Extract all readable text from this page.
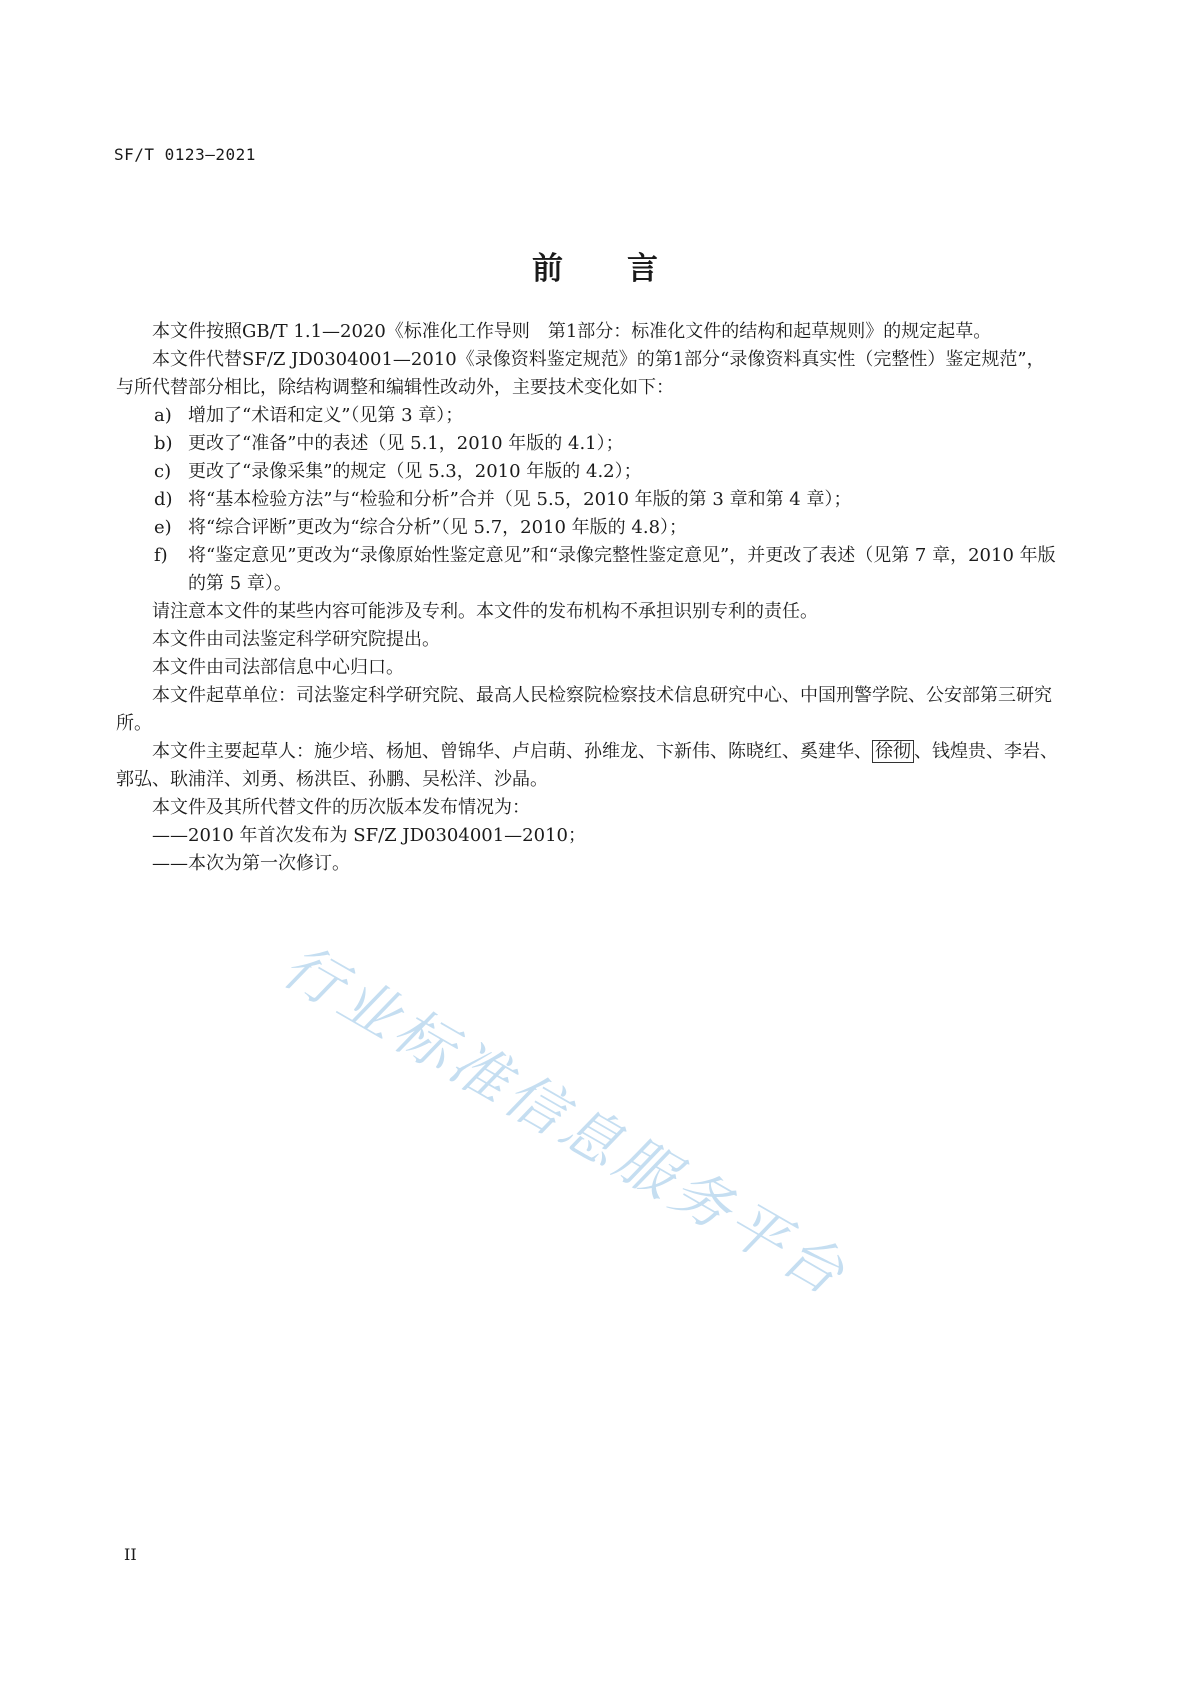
SF/T 0123—2021
前 言

本文件按照GB/T 1.1—2020《标准化工作导则　第1部分：标准化文件的结构和起草规则》的规定起草。

本文件代替SF/Z JD0304001—2010《录像资料鉴定规范》的第1部分“录像资料真实性（完整性）鉴定规范”，与所代替部分相比，除结构调整和编辑性改动外，主要技术变化如下：

a) 增加了“术语和定义”（见第 3 章）；

b) 更改了“准备”中的表述（见 5.1，2010 年版的 4.1）；

c) 更改了“录像采集”的规定（见 5.3，2010 年版的 4.2）；

d) 将“基本检验方法”与“检验和分析”合并（见 5.5，2010 年版的第 3 章和第 4 章）；

e) 将“综合评断”更改为“综合分析”（见 5.7，2010 年版的 4.8）；

f) 将“鉴定意见”更改为“录像原始性鉴定意见”和“录像完整性鉴定意见”，并更改了表述（见第 7 章，2010 年版的第 5 章）。

请注意本文件的某些内容可能涉及专利。本文件的发布机构不承担识别专利的责任。

本文件由司法鉴定科学研究院提出。

本文件由司法部信息中心归口。

本文件起草单位：司法鉴定科学研究院、最高人民检察院检察技术信息研究中心、中国刑警学院、公安部第三研究所。

本文件主要起草人：施少培、杨旭、曾锦华、卢启萌、孙维龙、卞新伟、陈晓红、奚建华、 徐彻 、钱煌贵、李岩、郭弘、耿浦洋、刘勇、杨洪臣、孙鹏、吴松洋、沙晶。

本文件及其所代替文件的历次版本发布情况为：

——2010 年首次发布为 SF/Z JD0304001—2010；

——本次为第一次修订。

行业标准信息服务平台
II
